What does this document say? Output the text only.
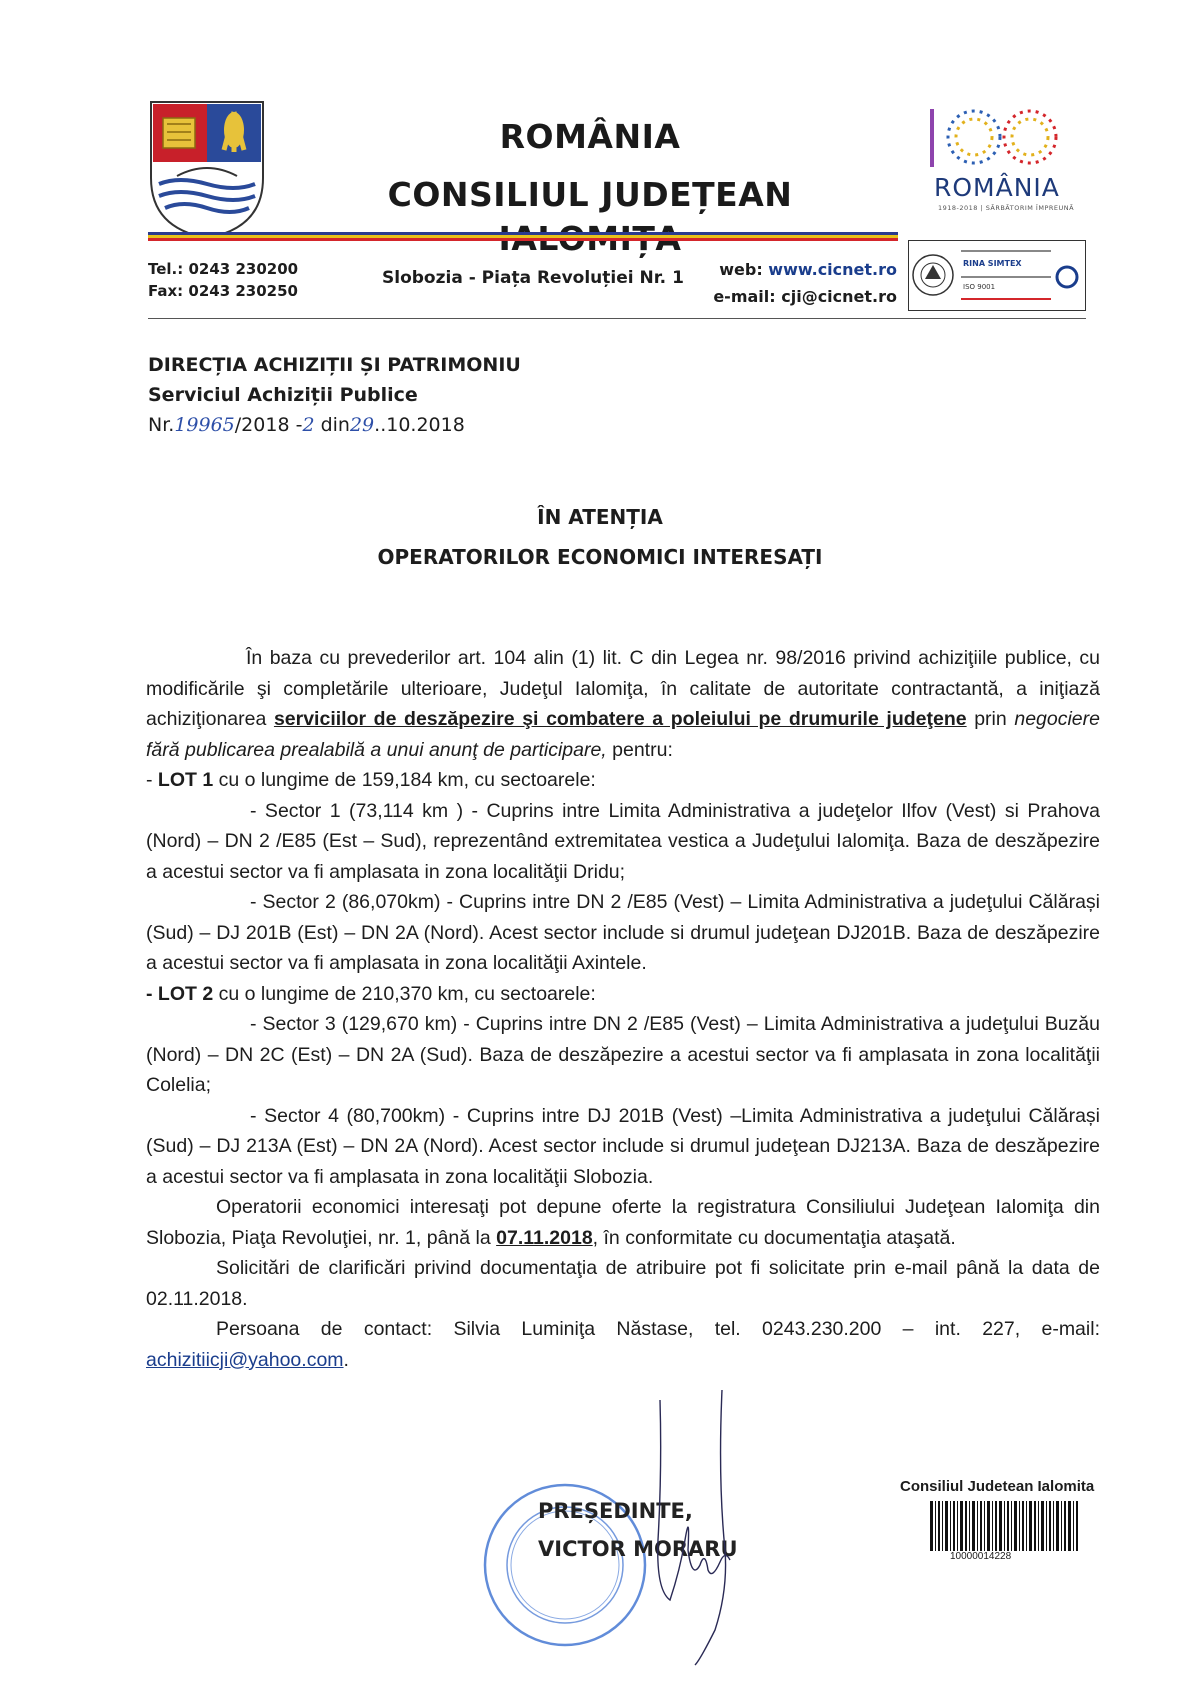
ROMÂNIA
CONSILIUL JUDEȚEAN	ROMÂNIA
1918-2018 | SĂRBĂTORIM ÎMPREUNĂ
Tel.: 0243 230200
Fax: 0243 230250
Slobozia - Piața Revoluției Nr. 1	web: www.cicnet.ro
e-mail: cji@cicnet.ro
RINA SIMTEX
ISO 9001
DIRECȚIA ACHIZIȚII ȘI PATRIMONIU
Serviciul Achiziții Publice
Nr.19965/2018 -2 din29..10.2018
ÎN ATENȚIA
OPERATORILOR ECONOMICI INTERESAȚI

În baza cu prevederilor art. 104 alin (1) lit. C din Legea nr. 98/2016 privind achiziţiile publice, cu modificările şi completările ulterioare, Judeţul Ialomiţa, în calitate de autoritate contractantă, a iniţiază achiziţionarea serviciilor de deszăpezire şi combatere a poleiului pe drumurile judeţene prin negociere fără publicarea prealabilă a unui anunţ de participare, pentru:

- LOT 1 cu o lungime de 159,184 km, cu sectoarele:

- Sector 1 (73,114 km ) - Cuprins intre Limita Administrativa a judeţelor Ilfov (Vest) si Prahova (Nord) – DN 2 /E85 (Est – Sud), reprezentând extremitatea vestica a Judeţului Ialomiţa. Baza de deszăpezire a acestui sector va fi amplasata in zona localităţii Dridu;

- Sector 2 (86,070km) - Cuprins intre DN 2 /E85 (Vest) – Limita Administrativa a judeţului Călărași (Sud) – DJ 201B (Est) – DN 2A (Nord). Acest sector include si drumul judeţean DJ201B. Baza de deszăpezire a acestui sector va fi amplasata in zona localităţii Axintele.

- LOT 2 cu o lungime de 210,370 km, cu sectoarele:

- Sector 3 (129,670 km) - Cuprins intre DN 2 /E85 (Vest) – Limita Administrativa a judeţului Buzău (Nord) – DN 2C (Est) – DN 2A (Sud). Baza de deszăpezire a acestui sector va fi amplasata in zona localităţii Colelia;

- Sector 4 (80,700km) - Cuprins intre DJ 201B (Vest) –Limita Administrativa a judeţului Călărași (Sud) – DJ 213A (Est) – DN 2A (Nord). Acest sector include si drumul judeţean DJ213A. Baza de deszăpezire a acestui sector va fi amplasata in zona localităţii Slobozia.

Operatorii economici interesaţi pot depune oferte la registratura Consiliului Judeţean Ialomiţa din Slobozia, Piaţa Revoluţiei, nr. 1, până la 07.11.2018, în conformitate cu documentaţia ataşată.

Solicitări de clarificări privind documentaţia de atribuire pot fi solicitate prin e-mail până la data de 02.11.2018.

Persoana de contact: Silvia Luminiţa Năstase, tel. 0243.230.200 – int. 227, e-mail: achizitiicji@yahoo.com.

PREȘEDINTE,
VICTOR MORARU
Consiliul Judetean Ialomita
10000014228
